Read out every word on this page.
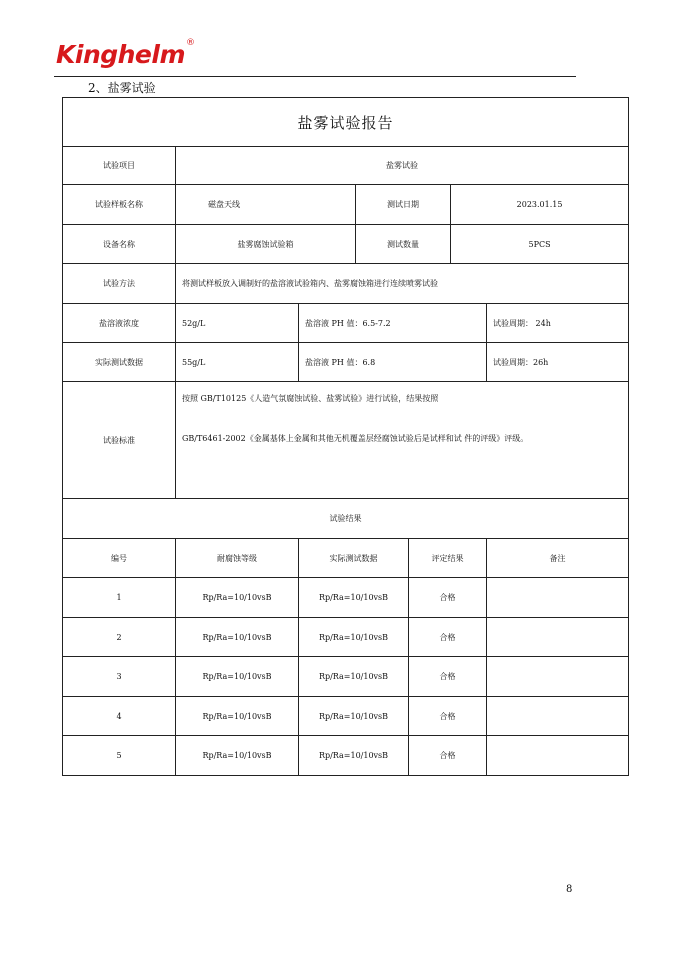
Kinghelm®
2、盐雾试验
盐雾试验报告						
试验项目	盐雾试验					
试验样板名称	磁盘天线		测试日期		2023.01.15	
设备名称	盐雾腐蚀试验箱		测试数量		5PCS	
试验方法	将测试样板放入调制好的盐溶液试验箱内、盐雾腐蚀箱进行连续喷雾试验					
盐溶液浓度	52g/L	盐溶液 PH 值：6.5-7.2				试验周期： 24h
实际测试数据	55g/L	盐溶液 PH 值：6.8				试验周期：26h
试验标准	按照 GB/T10125《人造气氛腐蚀试验、盐雾试验》进行试验，结果按照

GB/T6461-2002《金属基体上金属和其他无机覆盖层经腐蚀试验后是试样和试 件的评级》评级。					

试验结果						
编号	耐腐蚀等级	实际测试数据		评定结果		备注
1	Rp/Ra=10/10vsB	Rp/Ra=10/10vsB		合格		
2	Rp/Ra=10/10vsB	Rp/Ra=10/10vsB		合格		
3	Rp/Ra=10/10vsB	Rp/Ra=10/10vsB		合格		
4	Rp/Ra=10/10vsB	Rp/Ra=10/10vsB		合格		
5	Rp/Ra=10/10vsB	Rp/Ra=10/10vsB		合格		
8
